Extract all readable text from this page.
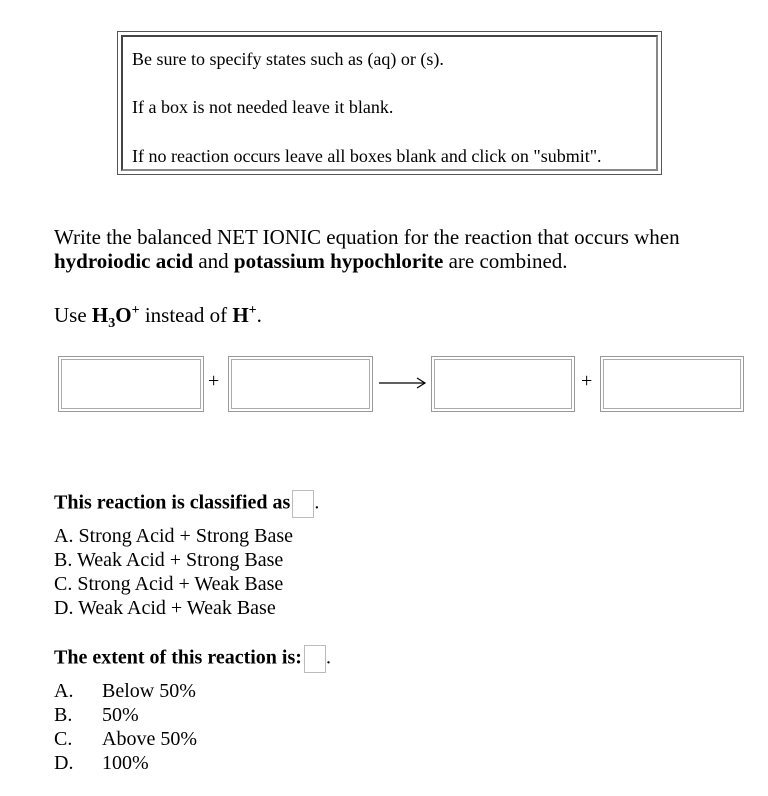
Be sure to specify states such as (aq) or (s).
If a box is not needed leave it blank.
If no reaction occurs leave all boxes blank and click on "submit".
Write the balanced NET IONIC equation for the reaction that occurs when
hydroiodic acid and potassium hypochlorite are combined.
Use $H_3O^+$ instead of H+.
+	+
This reaction is classified as .
A. Strong Acid + Strong Base
B. Weak Acid + Strong Base
C. Strong Acid + Weak Base
D. Weak Acid + Weak Base
The extent of this reaction is: .
A. Below 50%
B. 50%
C. Above 50%
D. 100%
